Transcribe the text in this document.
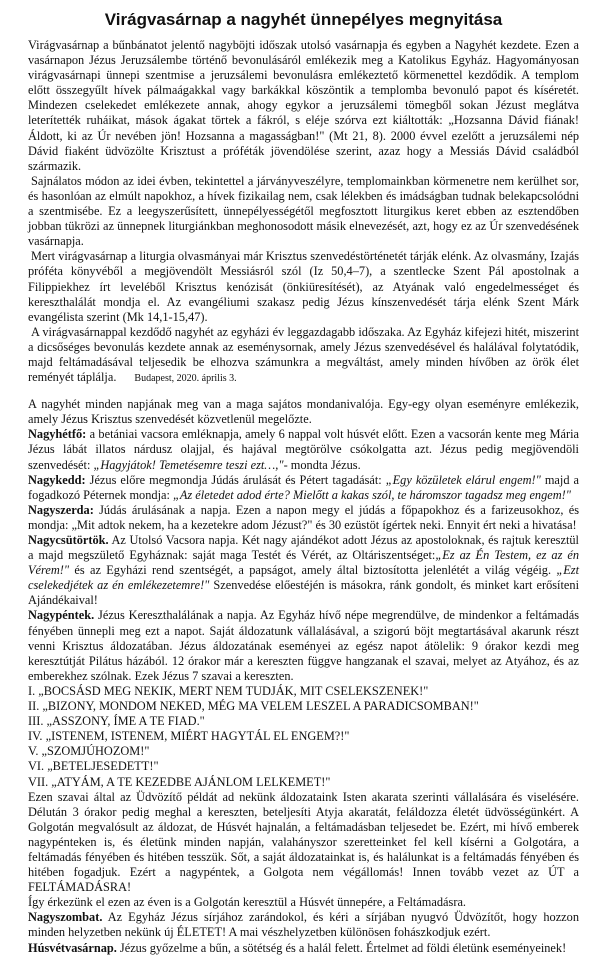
Virágvasárnap a nagyhét ünnepélyes megnyitása

Virágvasárnap a bűnbánatot jelentő nagyböjti időszak utolsó vasárnapja és egyben a Nagyhét kezdete. Ezen a vasárnapon Jézus Jeruzsálembe történő bevonulásáról emlékezik meg a Katolikus Egyház. Hagyományosan virágvasárnapi ünnepi szentmise a jeruzsálemi bevonulásra emlékeztető körmenettel kezdődik. A templom előtt összegyűlt hívek pálmaágakkal vagy barkákkal köszöntik a templomba bevonuló papot és kíséretét. Mindezen cselekedet emlékezete annak, ahogy egykor a jeruzsálemi tömegből sokan Jézust meglátva leterítették ruháikat, mások ágakat törtek a fákról, s eléje szórva ezt kiáltották: „Hozsanna Dávid fiának! Áldott, ki az Úr nevében jön! Hozsanna a magasságban!" (Mt 21, 8). 2000 évvel ezelőtt a jeruzsálemi nép Dávid fiaként üdvözölte Krisztust a próféták jövendölése szerint, azaz hogy a Messiás Dávid családból származik.

Sajnálatos módon az idei évben, tekintettel a járványveszélyre, templomainkban körmenetre nem kerülhet sor, és hasonlóan az elmúlt napokhoz, a hívek fizikailag nem, csak lélekben és imádságban tudnak belekapcsolódni a szentmisébe. Ez a leegyszerűsített, ünnepélyességétől megfosztott liturgikus keret ebben az esztendőben jobban tükrözi az ünnepnek liturgiánkban meghonosodott másik elnevezését, azt, hogy ez az Úr szenvedésének vasárnapja.

Mert virágvasárnap a liturgia olvasmányai már Krisztus szenvedéstörténetét tárják elénk. Az olvasmány, Izajás próféta könyvéből a megjövendölt Messiásról szól (Iz 50,4–7), a szentlecke Szent Pál apostolnak a Filippiekhez írt leveléből Krisztus kenózisát (önkiüresítését), az Atyának való engedelmességet és kereszthalálát mondja el. Az evangéliumi szakasz pedig Jézus kínszenvedését tárja elénk Szent Márk evangélista szerint (Mk 14,1-15,47).

A virágvasárnappal kezdődő nagyhét az egyházi év leggazdagabb időszaka. Az Egyház kifejezi hitét, miszerint a dicsőséges bevonulás kezdete annak az eseménysornak, amely Jézus szenvedésével és halálával folytatódik, majd feltámadásával teljesedik be elhozva számunkra a megváltást, amely minden hívőben az örök élet reményét táplálja. Budapest, 2020. április 3.

A nagyhét minden napjának meg van a maga sajátos mondanivalója. Egy-egy olyan eseményre emlékezik, amely Jézus Krisztus szenvedését közvetlenül megelőzte.

Nagyhétfő: a betániai vacsora emléknapja, amely 6 nappal volt húsvét előtt. Ezen a vacsorán kente meg Mária Jézus lábát illatos nárdusz olajjal, és hajával megtörölve csókolgatta azt. Jézus pedig megjövendöli szenvedését: „Hagyjátok! Temetésemre teszi ezt…,"- mondta Jézus.

Nagykedd: Jézus előre megmondja Júdás árulását és Pétert tagadását: „Egy közületek elárul engem!" majd a fogadkozó Péternek mondja: „Az életedet adod érte? Mielőtt a kakas szól, te háromszor tagadsz meg engem!"

Nagyszerda: Júdás árulásának a napja. Ezen a napon megy el júdás a főpapokhoz és a farizeusokhoz, és mondja: „Mit adtok nekem, ha a kezetekre adom Jézust?" és 30 ezüstöt ígértek neki. Ennyit ért neki a hivatása!

Nagycsütörtök. Az Utolsó Vacsora napja. Két nagy ajándékot adott Jézus az apostoloknak, és rajtuk keresztül a majd megszülető Egyháznak: saját maga Testét és Vérét, az Oltáriszentséget:„Ez az Én Testem, ez az én Vérem!" és az Egyházi rend szentségét, a papságot, amely által biztosította jelenlétét a világ végéig. „Ezt cselekedjétek az én emlékezetemre!" Szenvedése előestéjén is másokra, ránk gondolt, és minket kart erősíteni Ajándékaival!

Nagypéntek. Jézus Kereszthalálának a napja. Az Egyház hívő népe megrendülve, de mindenkor a feltámadás fényében ünnepli meg ezt a napot. Saját áldozatunk vállalásával, a szigorú böjt megtartásával akarunk részt venni Krisztus áldozatában. Jézus áldozatának eseményei az egész napot átölelik: 9 órakor kezdi meg keresztútját Pilátus házából. 12 órakor már a kereszten függve hangzanak el szavai, melyet az Atyához, és az emberekhez szólnak. Ezek Jézus 7 szavai a kereszten.

I. „BOCSÁSD MEG NEKIK, MERT NEM TUDJÁK, MIT CSELEKSZENEK!"
II. „BIZONY, MONDOM NEKED, MÉG MA VELEM LESZEL A PARADICSOMBAN!"
III. „ASSZONY, ÍME A TE FIAD."
IV. „ISTENEM, ISTENEM, MIÉRT HAGYTÁL EL ENGEM?!"
V. „SZOMJÚHOZOM!"
VI. „BETELJESEDETT!"
VII. „ATYÁM, A TE KEZEDBE AJÁNLOM LELKEMET!"

Ezen szavai által az Üdvözítő példát ad nekünk áldozataink Isten akarata szerinti vállalására és viselésére. Délután 3 órakor pedig meghal a kereszten, beteljesíti Atyja akaratát, feláldozza életét üdvösségünkért. A Golgotán megvalósult az áldozat, de Húsvét hajnalán, a feltámadásban teljesedet be. Ezért, mi hívő emberek nagypénteken is, és életünk minden napján, valahányszor szeretteinket fel kell kísérni a Golgotára, a feltámadás fényében és hitében tesszük. Sőt, a saját áldozatainkat is, és halálunkat is a feltámadás fényében és hitében fogadjuk. Ezért a nagypéntek, a Golgota nem végállomás! Innen tovább vezet az ÚT a FELTÁMADÁSRA!

Így érkezünk el ezen az éven is a Golgotán keresztül a Húsvét ünnepére, a Feltámadásra.

Nagyszombat. Az Egyház Jézus sírjához zarándokol, és kéri a sírjában nyugvó Üdvözítőt, hogy hozzon minden helyzetben nekünk új ÉLETET! A mai vészhelyzetben különösen fohászkodjuk ezért.

Húsvétvasárnap. Jézus győzelme a bűn, a sötétség és a halál felett. Értelmet ad földi életünk eseményeinek!
